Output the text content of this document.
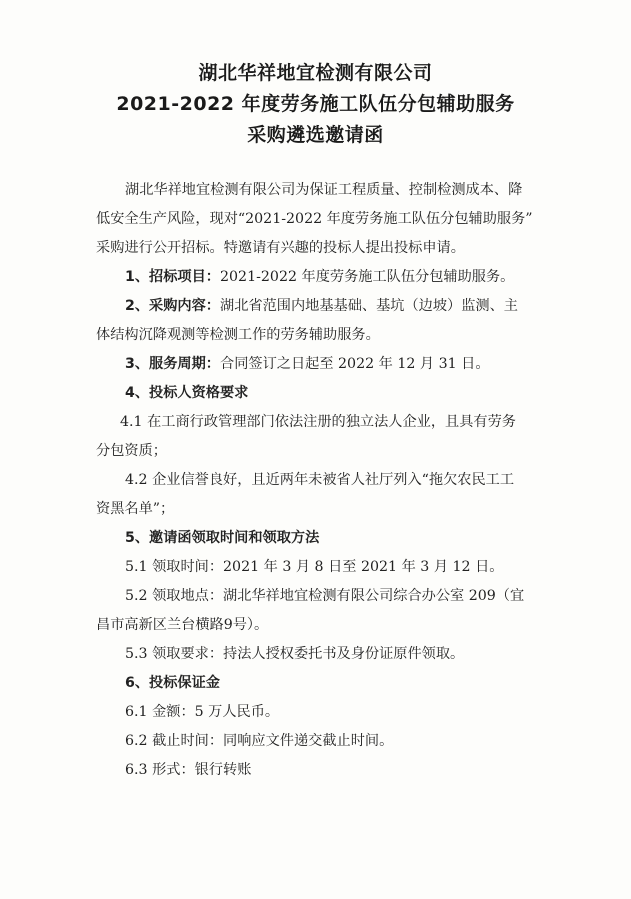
湖北华祥地宜检测有限公司
2021-2022 年度劳务施工队伍分包辅助服务
采购遴选邀请函
湖北华祥地宜检测有限公司为保证工程质量、控制检测成本、降
低安全生产风险，现对“2021-2022 年度劳务施工队伍分包辅助服务”
采购进行公开招标。特邀请有兴趣的投标人提出投标申请。
1、招标项目：2021-2022 年度劳务施工队伍分包辅助服务。
2、采购内容：湖北省范围内地基基础、基坑（边坡）监测、主
体结构沉降观测等检测工作的劳务辅助服务。
3、服务周期：合同签订之日起至 2022 年 12 月 31 日。
4、投标人资格要求
4.1 在工商行政管理部门依法注册的独立法人企业，且具有劳务
分包资质；
4.2 企业信誉良好，且近两年未被省人社厅列入“拖欠农民工工
资黑名单”；
5、邀请函领取时间和领取方法
5.1 领取时间：2021 年 3 月 8 日至 2021 年 3 月 12 日。
5.2 领取地点：湖北华祥地宜检测有限公司综合办公室 209（宜
昌市高新区兰台横路9号）。
5.3 领取要求：持法人授权委托书及身份证原件领取。
6、投标保证金
6.1 金额：5 万人民币。
6.2 截止时间：同响应文件递交截止时间。
6.3 形式：银行转账
